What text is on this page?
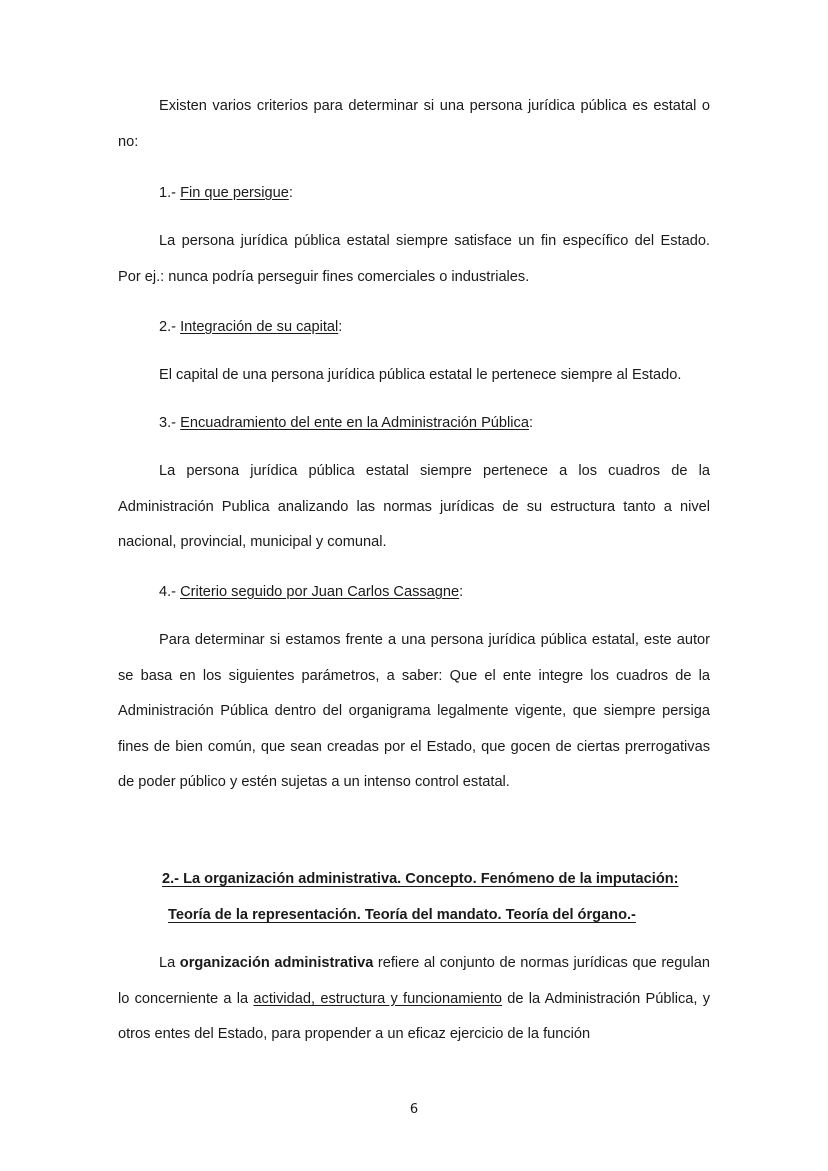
Existen varios criterios para determinar si una persona jurídica pública es estatal o no:

1.- Fin que persigue:

La persona jurídica pública estatal siempre satisface un fin específico del Estado. Por ej.: nunca podría perseguir fines comerciales o industriales.

2.- Integración de su capital:

El capital de una persona jurídica pública estatal le pertenece siempre al Estado.

3.- Encuadramiento del ente en la Administración Pública:

La persona jurídica pública estatal siempre pertenece a los cuadros de la Administración Publica analizando las normas jurídicas de su estructura tanto a nivel nacional, provincial, municipal y comunal.

4.- Criterio seguido por Juan Carlos Cassagne:

Para determinar si estamos frente a una persona jurídica pública estatal, este autor se basa en los siguientes parámetros, a saber: Que el ente integre los cuadros de la Administración Pública dentro del organigrama legalmente vigente, que siempre persiga fines de bien común, que sean creadas por el Estado, que gocen de ciertas prerrogativas de poder público y estén sujetas a un intenso control estatal.

2.- La organización administrativa. Concepto. Fenómeno de la imputación:

Teoría de la representación. Teoría del mandato. Teoría del órgano.-

La organización administrativa refiere al conjunto de normas jurídicas que regulan lo concerniente a la actividad, estructura y funcionamiento de la Administración Pública, y otros entes del Estado, para propender a un eficaz ejercicio de la función

6
